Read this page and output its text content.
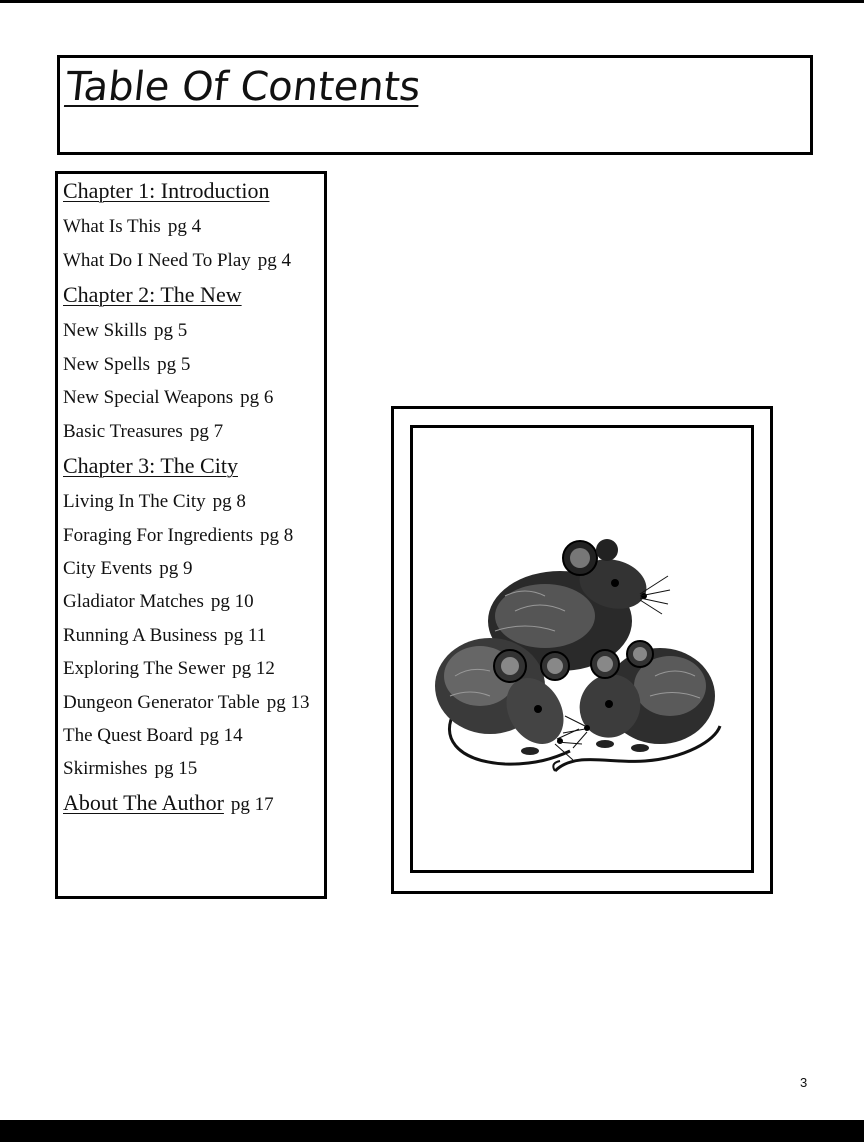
Table Of Contents
Chapter 1: Introduction
What Is This pg 4
What Do I Need To Play pg 4
Chapter 2: The New
New Skills pg 5
New Spells pg 5
New Special Weapons pg 6
Basic Treasures pg 7
Chapter 3: The City
Living In The City pg 8
Foraging For Ingredients pg 8
City Events pg 9
Gladiator Matches pg 10
Running A Business pg 11
Exploring The Sewer pg 12
Dungeon Generator Table pg 13
The Quest Board pg 14
Skirmishes pg 15
About The Author pg 17
3
